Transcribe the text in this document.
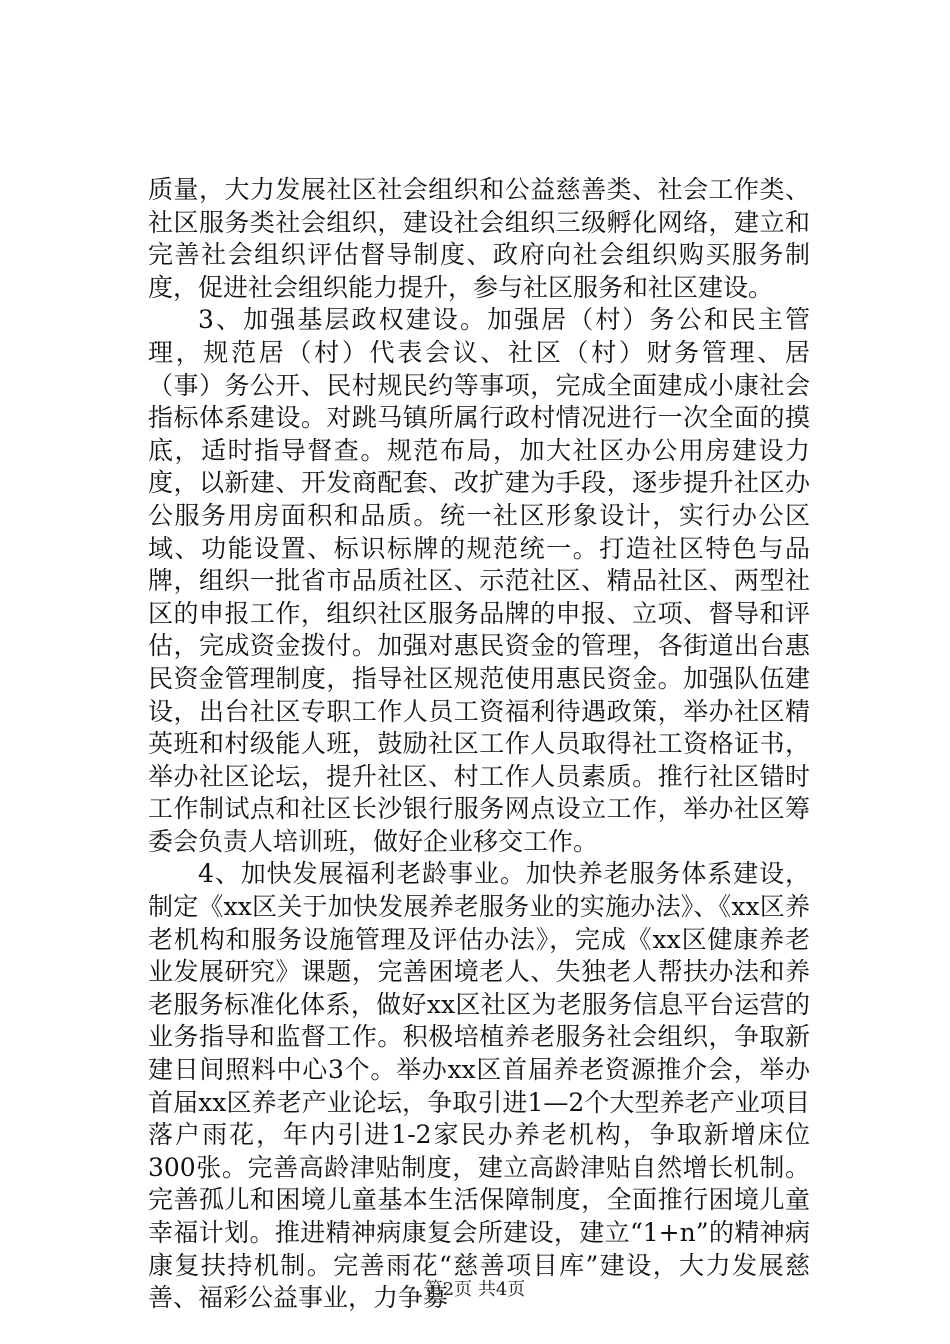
质量，大力发展社区社会组织和公益慈善类、社会工作类、社区服务类社会组织，建设社会组织三级孵化网络，建立和完善社会组织评估督导制度、政府向社会组织购买服务制度，促进社会组织能力提升，参与社区服务和社区建设。

3、加强基层政权建设。加强居（村）务公和民主管理，规范居（村）代表会议、社区（村）财务管理、居（事）务公开、民村规民约等事项，完成全面建成小康社会指标体系建设。对跳马镇所属行政村情况进行一次全面的摸底，适时指导督查。规范布局，加大社区办公用房建设力度，以新建、开发商配套、改扩建为手段，逐步提升社区办公服务用房面积和品质。统一社区形象设计，实行办公区域、功能设置、标识标牌的规范统一。打造社区特色与品牌，组织一批省市品质社区、示范社区、精品社区、两型社区的申报工作，组织社区服务品牌的申报、立项、督导和评估，完成资金拨付。加强对惠民资金的管理，各街道出台惠民资金管理制度，指导社区规范使用惠民资金。加强队伍建设，出台社区专职工作人员工资福利待遇政策，举办社区精英班和村级能人班，鼓励社区工作人员取得社工资格证书，举办社区论坛，提升社区、村工作人员素质。推行社区错时工作制试点和社区长沙银行服务网点设立工作，举办社区筹委会负责人培训班，做好企业移交工作。

4、加快发展福利老龄事业。加快养老服务体系建设，制定《xx区关于加快发展养老服务业的实施办法》、《xx区养老机构和服务设施管理及评估办法》，完成《xx区健康养老业发展研究》课题，完善困境老人、失独老人帮扶办法和养老服务标准化体系，做好xx区社区为老服务信息平台运营的业务指导和监督工作。积极培植养老服务社会组织，争取新建日间照料中心3个。举办xx区首届养老资源推介会，举办首届xx区养老产业论坛，争取引进1—2个大型养老产业项目落户雨花，年内引进1-2家民办养老机构，争取新增床位300张。完善高龄津贴制度，建立高龄津贴自然增长机制。完善孤儿和困境儿童基本生活保障制度，全面推行困境儿童幸福计划。推进精神病康复会所建设，建立“1+n”的精神病康复扶持机制。完善雨花“慈善项目库”建设，大力发展慈善、福彩公益事业，力争募

第2页 共4页
